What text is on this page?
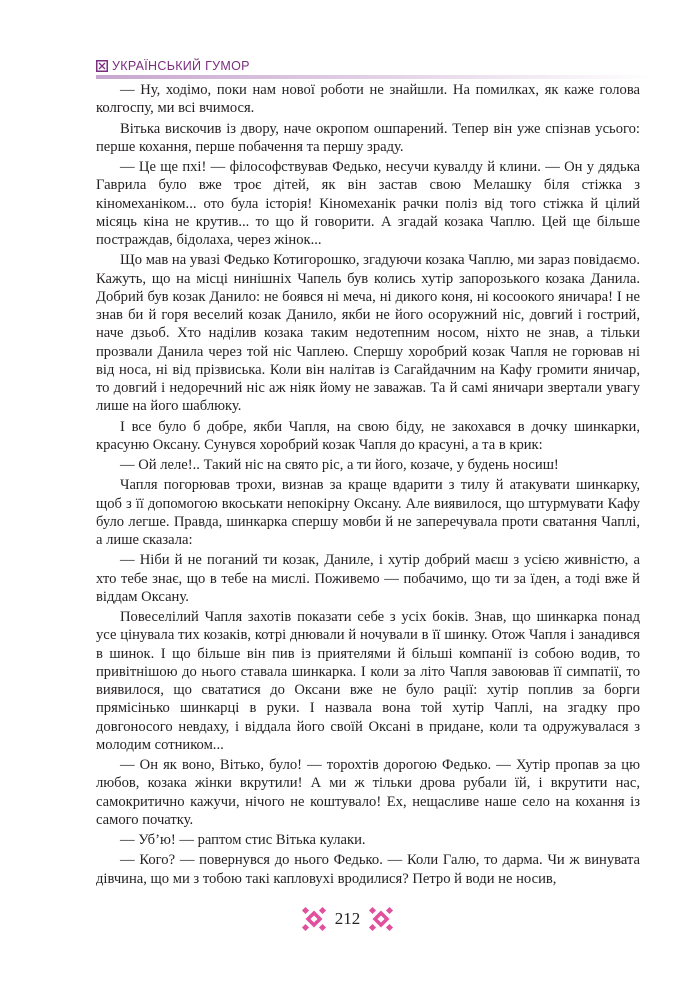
УКРАЇНСЬКИЙ ГУМОР

— Ну, ходімо, поки нам нової роботи не знайшли. На помилках, як каже голова колгоспу, ми всі вчимося.

Вітька вискочив із двору, наче окропом ошпарений. Тепер він уже спізнав усього: перше кохання, перше побачення та першу зраду.

— Це ще пхі! — філософствував Федько, несучи кувалду й клини. — Он у дядька Гаврила було вже троє дітей, як він застав свою Мелашку біля стіжка з кіномеханіком... ото була історія! Кіномеханік рачки поліз від того стіжка й цілий місяць кіна не крутив... то що й говорити. А згадай козака Чаплю. Цей ще більше постраждав, бідолаха, через жінок...

Що мав на увазі Федько Котигорошко, згадуючи козака Чаплю, ми зараз повідаємо. Кажуть, що на місці нинішніх Чапель був колись хутір запорозького козака Данила. Добрий був козак Данило: не боявся ні меча, ні дикого коня, ні косоокого яничара! І не знав би й горя веселий козак Данило, якби не його осоружний ніс, довгий і гострий, наче дзьоб. Хто наділив козака таким недотепним носом, ніхто не знав, а тільки прозвали Данила через той ніс Чаплею. Спершу хоробрий козак Чапля не горював ні від носа, ні від прізвиська. Коли він налітав із Сагайдачним на Кафу громити яничар, то довгий і недоречний ніс аж ніяк йому не заважав. Та й самі яничари звертали увагу лише на його шаблюку.

І все було б добре, якби Чапля, на свою біду, не закохався в дочку шинкарки, красуню Оксану. Сунувся хоробрий козак Чапля до красуні, а та в крик:

— Ой леле!.. Такий ніс на свято ріс, а ти його, козаче, у будень носиш!

Чапля погорював трохи, визнав за краще вдарити з тилу й атакувати шинкарку, щоб з її допомогою вкоськати непокірну Оксану. Але виявилося, що штурмувати Кафу було легше. Правда, шинкарка спершу мовби й не заперечувала проти сватання Чаплі, а лише сказала:

— Ніби й не поганий ти козак, Даниле, і хутір добрий маєш з усією живністю, а хто тебе знає, що в тебе на мислі. Поживемо — побачимо, що ти за їден, а тоді вже й віддам Оксану.

Повеселілий Чапля захотів показати себе з усіх боків. Знав, що шинкарка понад усе цінувала тих козаків, котрі днювали й ночували в її шинку. Отож Чапля і занадився в шинок. І що більше він пив із приятелями й більші компанії із собою водив, то привітнішою до нього ставала шинкарка. І коли за літо Чапля завоював її симпатії, то виявилося, що свататися до Оксани вже не було рації: хутір поплив за борги прямісінько шинкарці в руки. І назвала вона той хутір Чаплі, на згадку про довгоносого невдаху, і віддала його своїй Оксані в придане, коли та одружувалася з молодим сотником...

— Он як воно, Вітько, було! — торохтів дорогою Федько. — Хутір пропав за цю любов, козака жінки вкрутили! А ми ж тільки дрова рубали їй, і вкрутити нас, самокритично кажучи, нічого не коштувало! Ех, нещасливе наше село на кохання із самого початку.

— Уб’ю! — раптом стис Вітька кулаки.

— Кого? — повернувся до нього Федько. — Коли Галю, то дарма. Чи ж винувата дівчина, що ми з тобою такі капловухі вродилися? Петро й води не носив,

212
